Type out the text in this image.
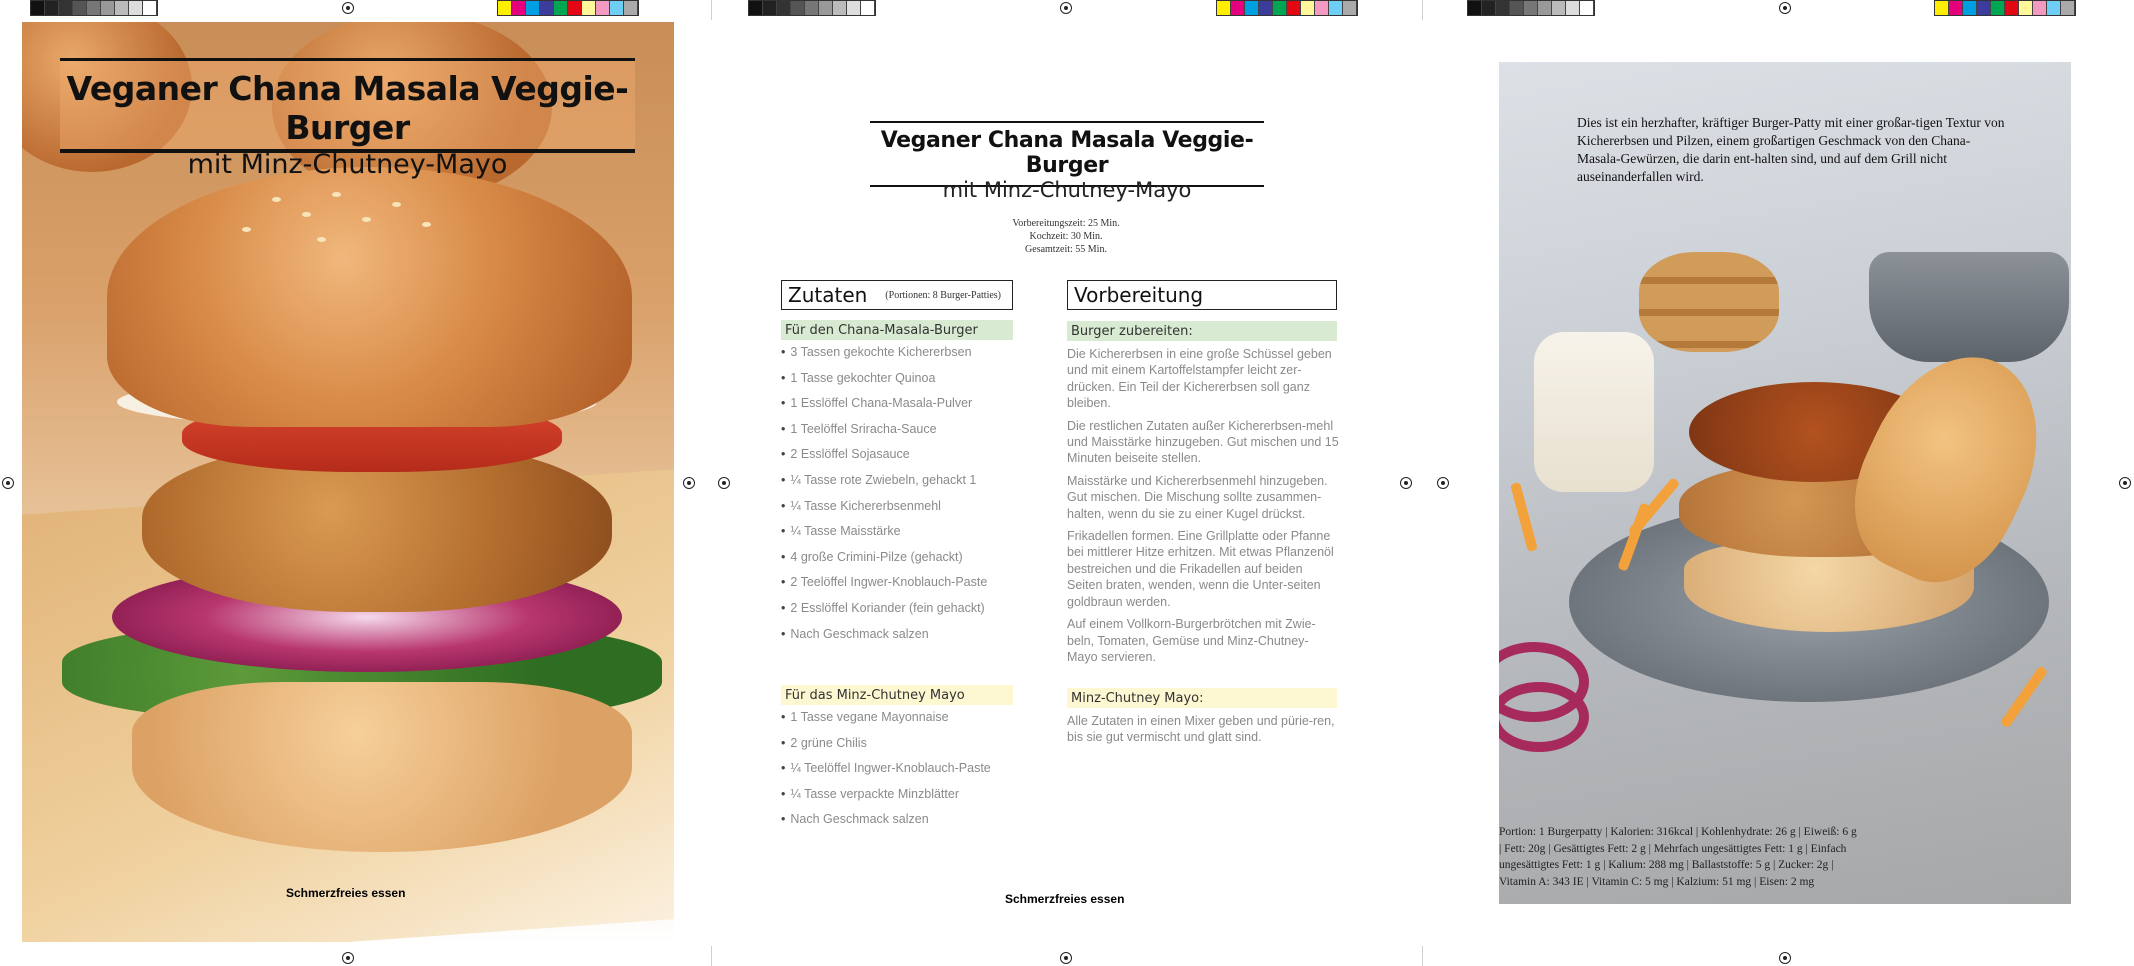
Veganer Chana Masala Veggie-Burger
mit Minz-Chutney-Mayo
Schmerzfreies essen
Veganer Chana Masala Veggie-Burger
mit Minz-Chutney-Mayo
Vorbereitungszeit: 25 Min.
Kochzeit: 30 Min.
Gesamtzeit: 55 Min.
Zutaten (Portionen: 8 Burger-Patties)
Für den Chana-Masala-Burger
• 3 Tassen gekochte Kichererbsen
• 1 Tasse gekochter Quinoa
• 1 Esslöffel Chana-Masala-Pulver
• 1 Teelöffel Sriracha-Sauce
• 2 Esslöffel Sojasauce
• ¼ Tasse rote Zwiebeln, gehackt 1
• ¼ Tasse Kichererbsenmehl
• ¼ Tasse Maisstärke
• 4 große Crimini-Pilze (gehackt)
• 2 Teelöffel Ingwer-Knoblauch-Paste
• 2 Esslöffel Koriander (fein gehackt)
• Nach Geschmack salzen
Für das Minz-Chutney Mayo
• 1 Tasse vegane Mayonnaise
• 2 grüne Chilis
• ¼ Teelöffel Ingwer-Knoblauch-Paste
• ¼ Tasse verpackte Minzblätter
• Nach Geschmack salzen
Vorbereitung
Burger zubereiten:

Die Kichererbsen in eine große Schüssel geben und mit einem Kartoffelstampfer leicht zer-drücken. Ein Teil der Kichererbsen soll ganz bleiben.

Die restlichen Zutaten außer Kichererbsen-mehl und Maisstärke hinzugeben. Gut mischen und 15 Minuten beiseite stellen.

Maisstärke und Kichererbsenmehl hinzugeben. Gut mischen. Die Mischung sollte zusammen-halten, wenn du sie zu einer Kugel drückst.

Frikadellen formen. Eine Grillplatte oder Pfanne bei mittlerer Hitze erhitzen. Mit etwas Pflanzenöl bestreichen und die Frikadellen auf beiden Seiten braten, wenden, wenn die Unter-seiten goldbraun werden.

Auf einem Vollkorn-Burgerbrötchen mit Zwie-beln, Tomaten, Gemüse und Minz-Chutney-Mayo servieren.

Minz-Chutney Mayo:

Alle Zutaten in einen Mixer geben und pürie-ren, bis sie gut vermischt und glatt sind.

Schmerzfreies essen
Dies ist ein herzhafter, kräftiger Burger-Patty mit einer großar-tigen Textur von Kichererbsen und Pilzen, einem großartigen Geschmack von den Chana-Masala-Gewürzen, die darin ent-halten sind, und auf dem Grill nicht auseinanderfallen wird.
Portion: 1 Burgerpatty | Kalorien: 316kcal | Kohlenhydrate: 26 g | Eiweiß: 6 g | Fett: 20g | Gesättigtes Fett: 2 g | Mehrfach ungesättigtes Fett: 1 g | Einfach ungesättigtes Fett: 1 g | Kalium: 288 mg | Ballaststoffe: 5 g | Zucker: 2g | Vitamin A: 343 IE | Vitamin C: 5 mg | Kalzium: 51 mg | Eisen: 2 mg
